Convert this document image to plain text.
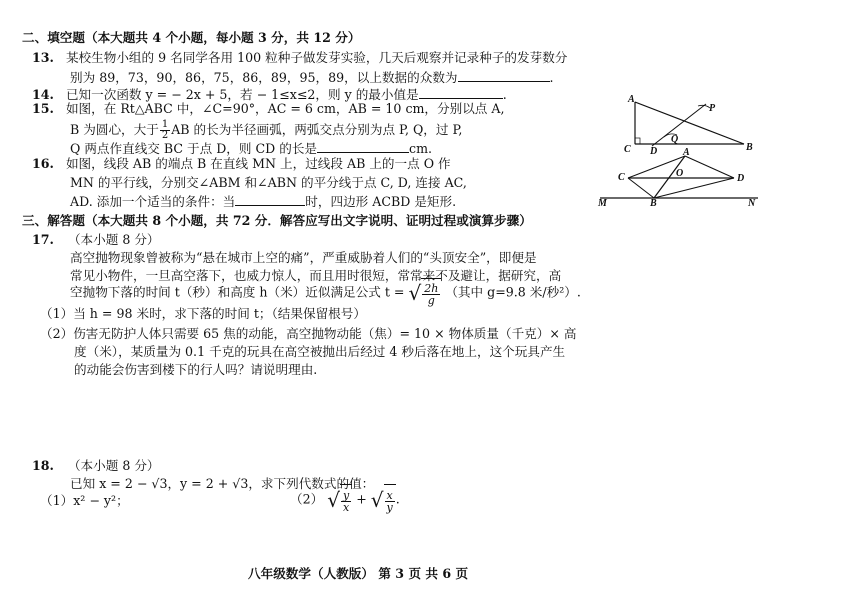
二、填空题（本大题共 4 个小题，每小题 3 分，共 12 分）
13. 某校生物小组的 9 名同学各用 100 粒种子做发芽实验，几天后观察并记录种子的发芽数分
别为 89，73，90，86，75，86，89，95，89，以上数据的众数为	.
14. 已知一次函数 y = − 2x + 5，若 − 1≤x≤2，则 y 的最小值是	.
15. 如图，在 Rt△ABC 中，∠C=90°，AC = 6 cm，AB = 10 cm，分别以点 A,
B 为圆心，大于 $\frac{1}{2}$ AB 的长为半径画弧，两弧交点分别为点 P, Q，过 P,
Q 两点作直线交 BC 于点 D，则 CD 的长是	cm.
A
P
Q
C D	B
16. 如图，线段 AB 的端点 B 在直线 MN 上，过线段 AB 上的一点 O 作
MN 的平行线，分别交∠ABM 和∠ABN 的平分线于点 C, D, 连接 AC,
AD. 添加一个适当的条件：当	时，四边形 ACBD 是矩形.
A
C	O	D
M	B	N
三、解答题（本大题共 8 个小题，共 72 分．解答应写出文字说明、证明过程或演算步骤）
17. （本小题 8 分）
高空抛物现象曾被称为“悬在城市上空的痛”，严重威胁着人们的“头顶安全”，即便是
常见小物件，一旦高空落下，也威力惊人，而且用时很短，常常来不及避让，据研究，高
空抛物下落的时间 t（秒）和高度 h（米）近似满足公式 t = √ $\frac{2h}{g}$ （其中 g=9.8 米/秒²）.
（1）当 h = 98 米时，求下落的时间 t；（结果保留根号）
（2）伤害无防护人体只需要 65 焦的动能，高空抛物动能（焦）= 10 × 物体质量（千克）× 高
度（米），某质量为 0.1 千克的玩具在高空被抛出后经过 4 秒后落在地上，这个玩具产生
的动能会伤害到楼下的行人吗？请说明理由.
18. （本小题 8 分）
已知 x = 2 − √3，y = 2 + √3，求下列代数式的值：
（1）x² − y²；	（2） √ $\frac{y}{x}$ + √ $\frac{x}{y}$ .
八年级数学（人教版） 第 3 页 共 6 页
